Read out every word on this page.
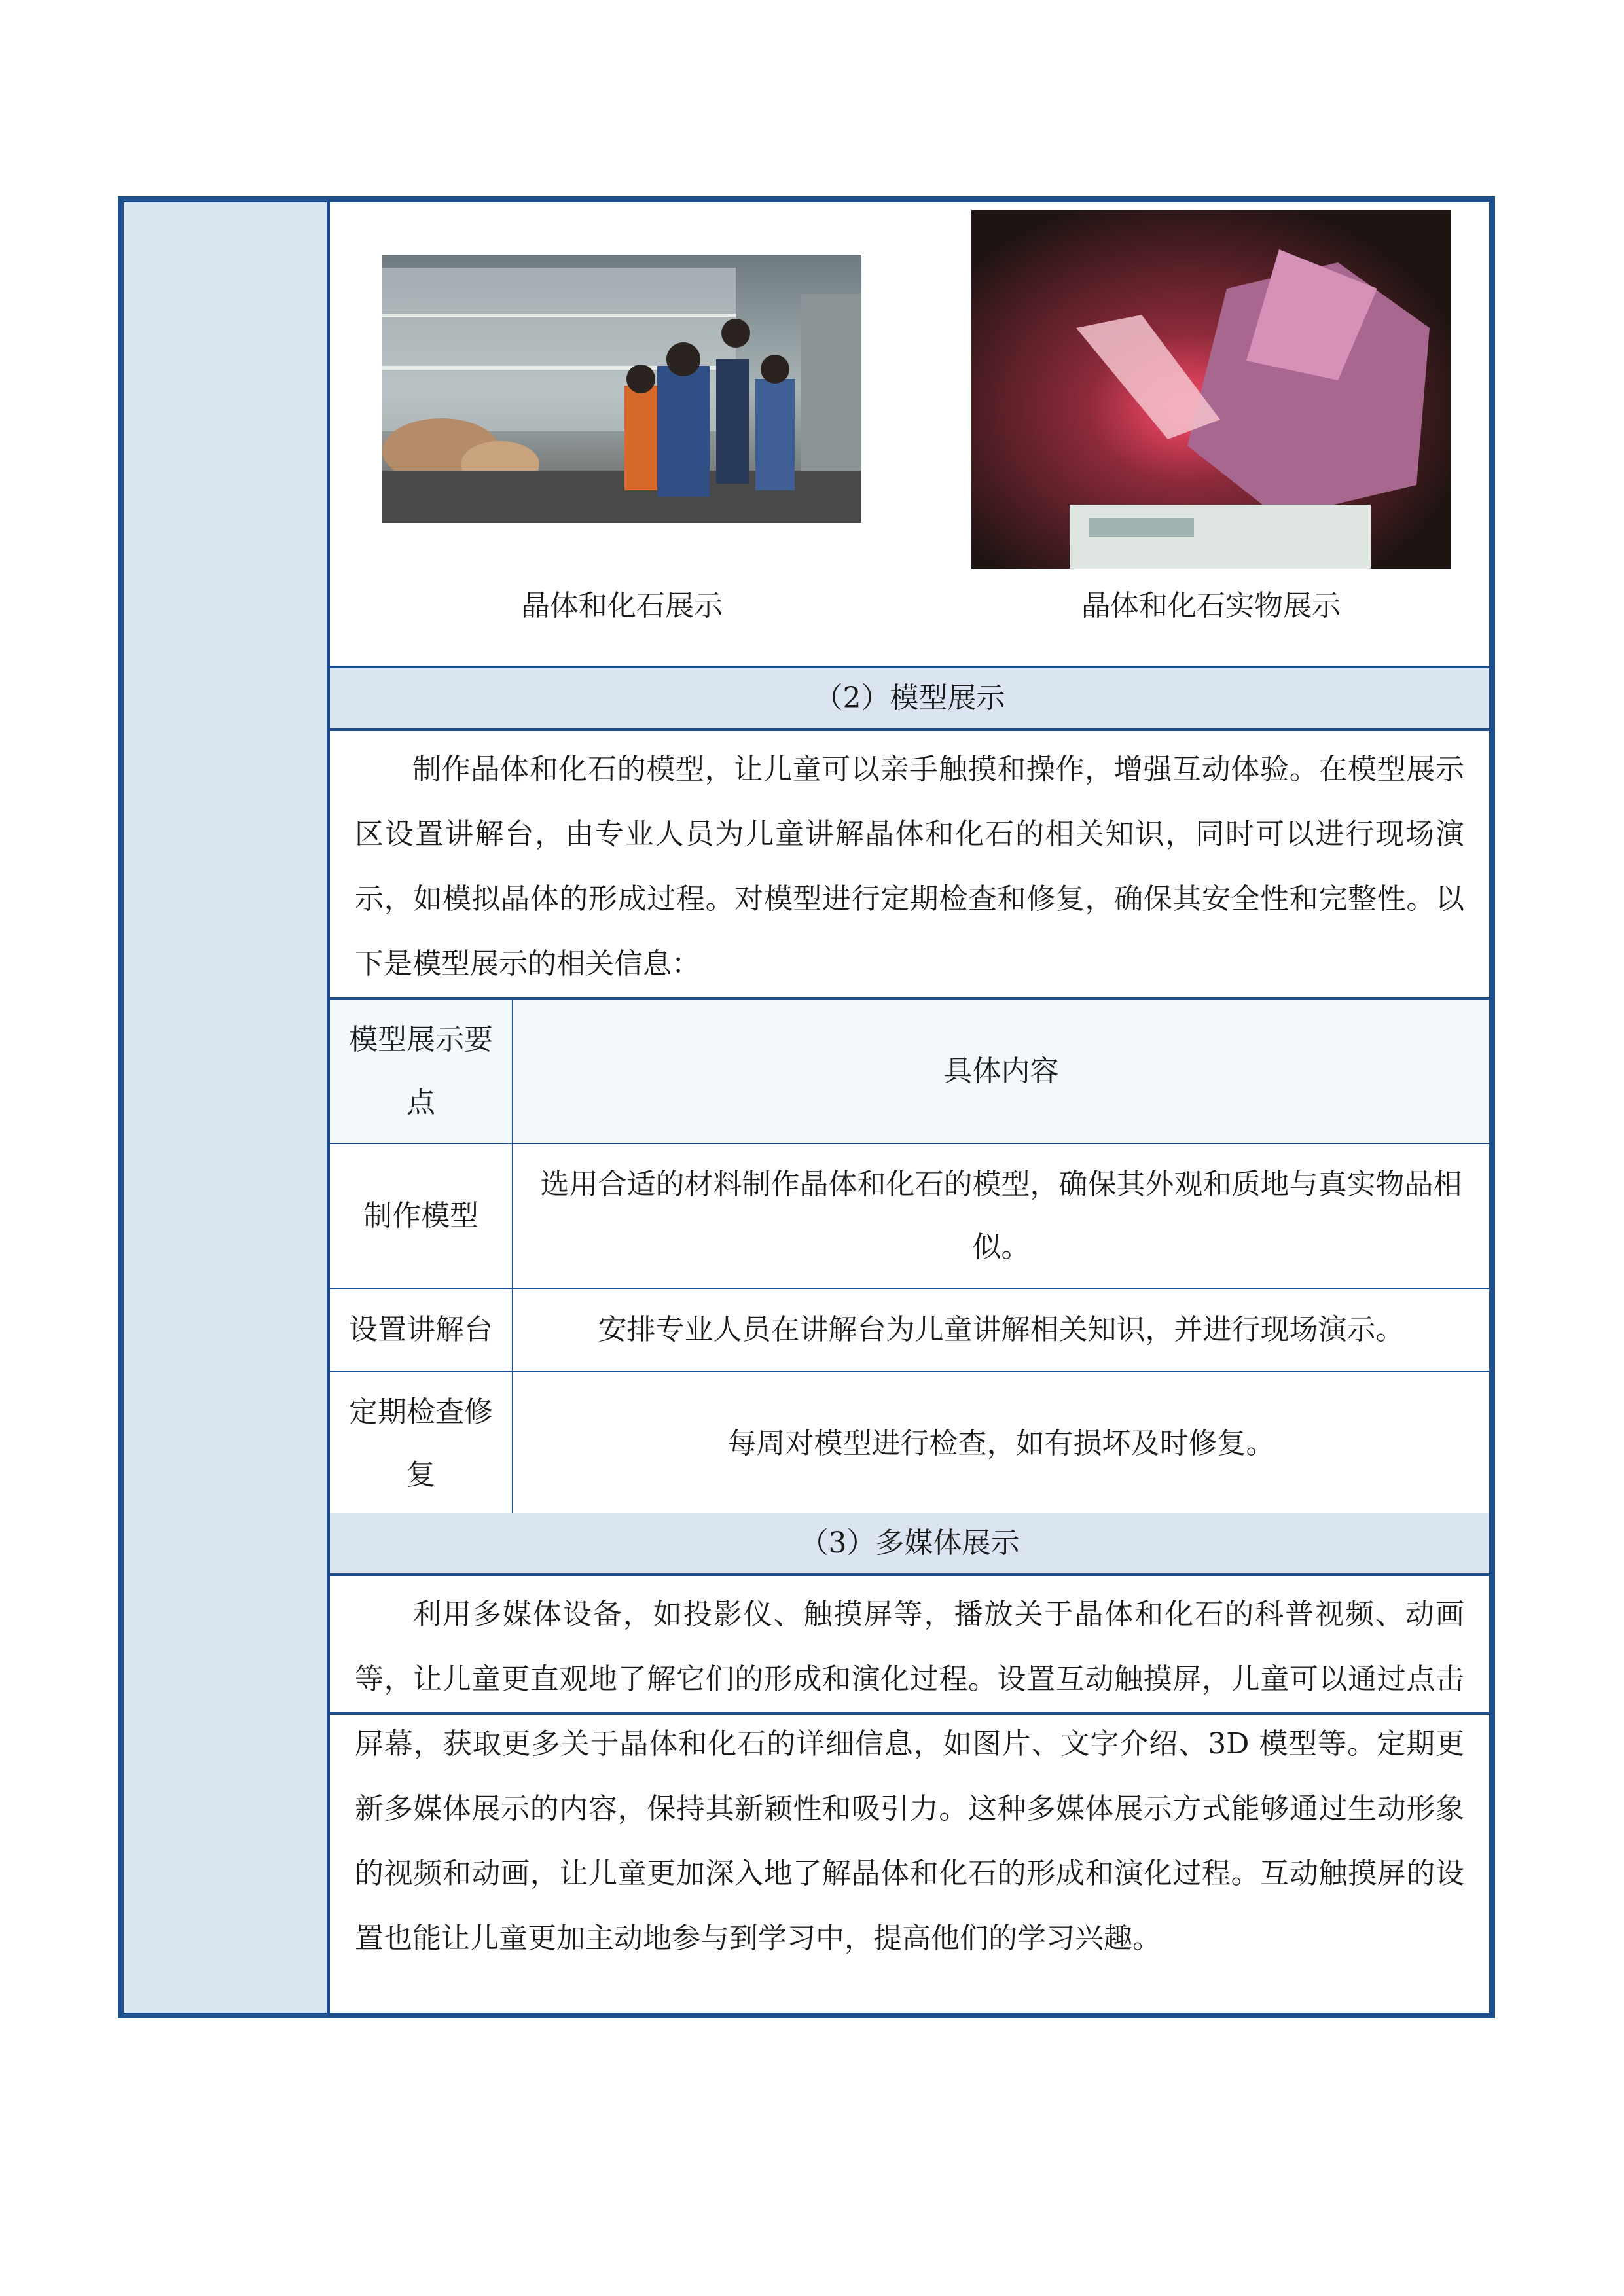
晶体和化石展示	晶体和化石实物展示
（2）模型展示
制作晶体和化石的模型，让儿童可以亲手触摸和操作，增强互动体验。在模型展示区设置讲解台，由专业人员为儿童讲解晶体和化石的相关知识，同时可以进行现场演示，如模拟晶体的形成过程。对模型进行定期检查和修复，确保其安全性和完整性。以下是模型展示的相关信息：
模型展示要点
具体内容
制作模型
选用合适的材料制作晶体和化石的模型，确保其外观和质地与真实物品相似。
设置讲解台	安排专业人员在讲解台为儿童讲解相关知识，并进行现场演示。
定期检查修复
每周对模型进行检查，如有损坏及时修复。
（3）多媒体展示
利用多媒体设备，如投影仪、触摸屏等，播放关于晶体和化石的科普视频、动画等，让儿童更直观地了解它们的形成和演化过程。设置互动触摸屏，儿童可以通过点击屏幕，获取更多关于晶体和化石的详细信息，如图片、文字介绍、3D 模型等。定期更新多媒体展示的内容，保持其新颖性和吸引力。这种多媒体展示方式能够通过生动形象的视频和动画，让儿童更加深入地了解晶体和化石的形成和演化过程。互动触摸屏的设置也能让儿童更加主动地参与到学习中，提高他们的学习兴趣。
